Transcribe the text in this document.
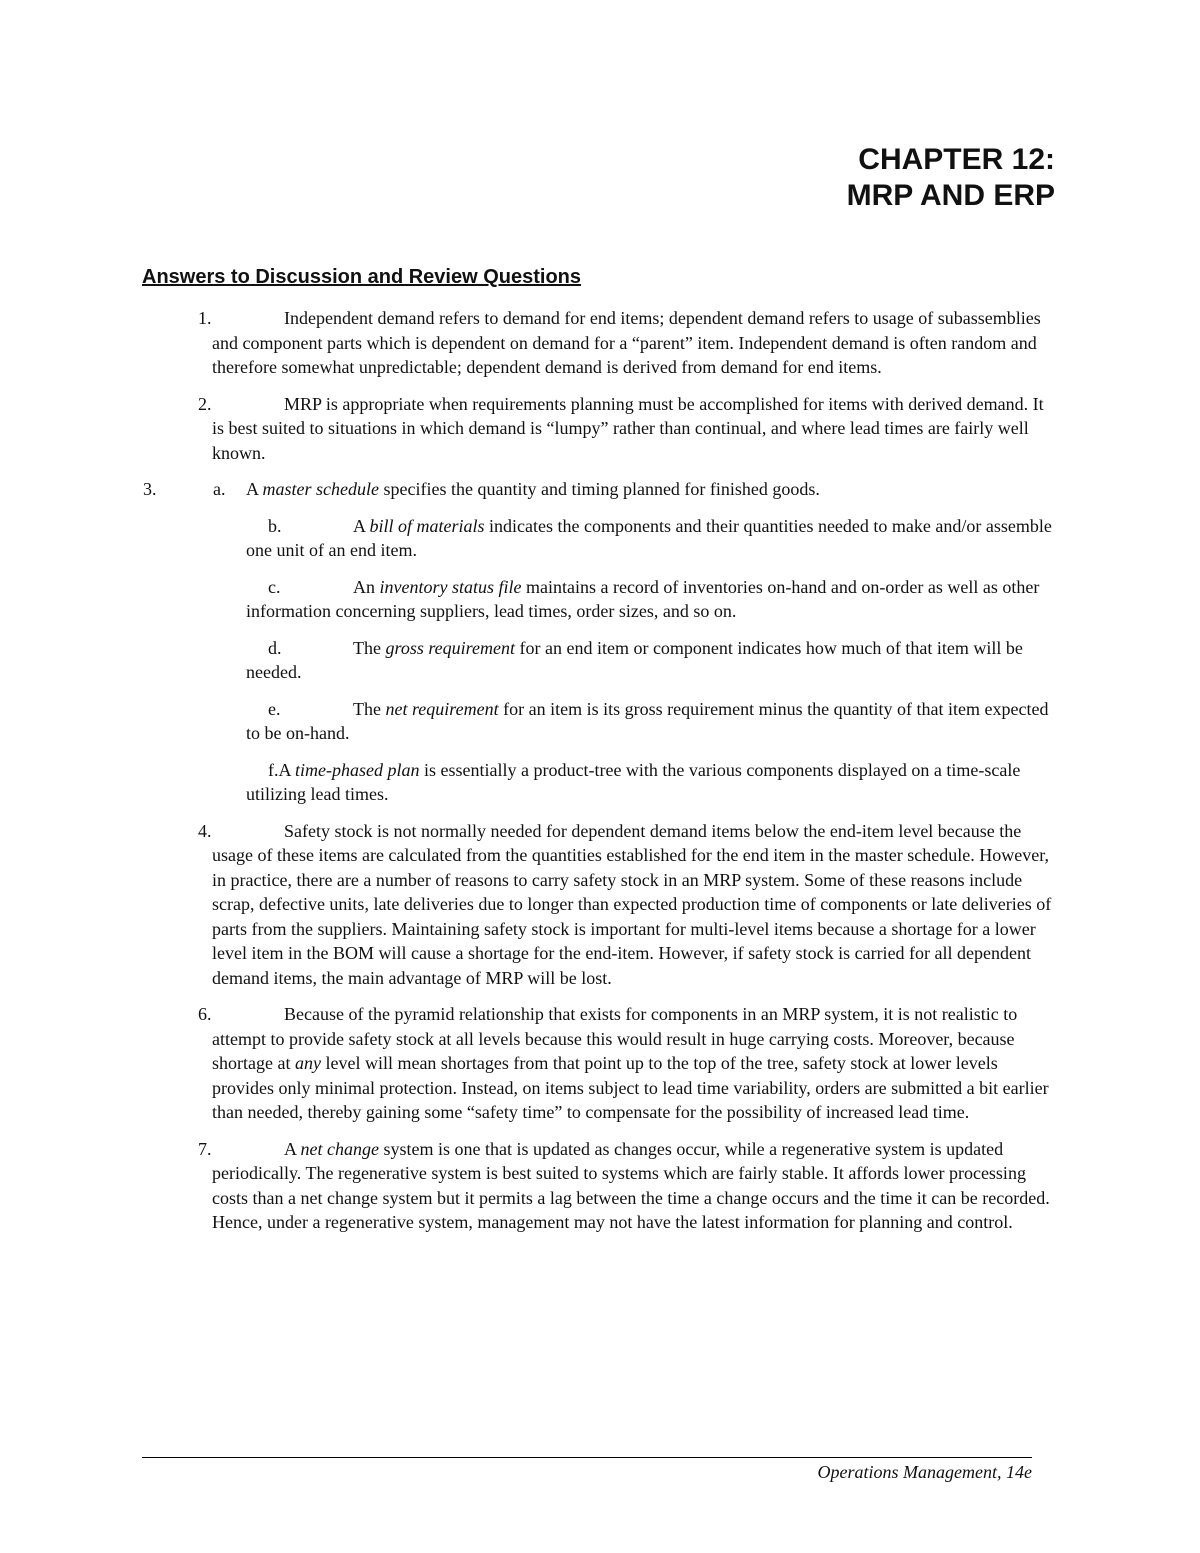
CHAPTER 12:
MRP AND ERP
Answers to Discussion and Review Questions
1.	Independent demand refers to demand for end items; dependent demand refers to usage of subassemblies and component parts which is dependent on demand for a “parent” item. Independent demand is often random and therefore somewhat unpredictable; dependent demand is derived from demand for end items.
2.	MRP is appropriate when requirements planning must be accomplished for items with derived demand. It is best suited to situations in which demand is “lumpy” rather than continual, and where lead times are fairly well known.
3.	a. A master schedule specifies the quantity and timing planned for finished goods.
b.	A bill of materials indicates the components and their quantities needed to make and/or assemble one unit of an end item.
c.	An inventory status file maintains a record of inventories on-hand and on-order as well as other information concerning suppliers, lead times, order sizes, and so on.
d.	The gross requirement for an end item or component indicates how much of that item will be needed.
e.	The net requirement for an item is its gross requirement minus the quantity of that item expected to be on-hand.
f.A time-phased plan is essentially a product-tree with the various components displayed on a time-scale utilizing lead times.
4.	Safety stock is not normally needed for dependent demand items below the end-item level because the usage of these items are calculated from the quantities established for the end item in the master schedule. However, in practice, there are a number of reasons to carry safety stock in an MRP system. Some of these reasons include scrap, defective units, late deliveries due to longer than expected production time of components or late deliveries of parts from the suppliers. Maintaining safety stock is important for multi-level items because a shortage for a lower level item in the BOM will cause a shortage for the end-item. However, if safety stock is carried for all dependent demand items, the main advantage of MRP will be lost.
6.	Because of the pyramid relationship that exists for components in an MRP system, it is not realistic to attempt to provide safety stock at all levels because this would result in huge carrying costs. Moreover, because shortage at any level will mean shortages from that point up to the top of the tree, safety stock at lower levels provides only minimal protection. Instead, on items subject to lead time variability, orders are submitted a bit earlier than needed, thereby gaining some “safety time” to compensate for the possibility of increased lead time.
7.	A net change system is one that is updated as changes occur, while a regenerative system is updated periodically. The regenerative system is best suited to systems which are fairly stable. It affords lower processing costs than a net change system but it permits a lag between the time a change occurs and the time it can be recorded. Hence, under a regenerative system, management may not have the latest information for planning and control.
Operations Management, 14e
